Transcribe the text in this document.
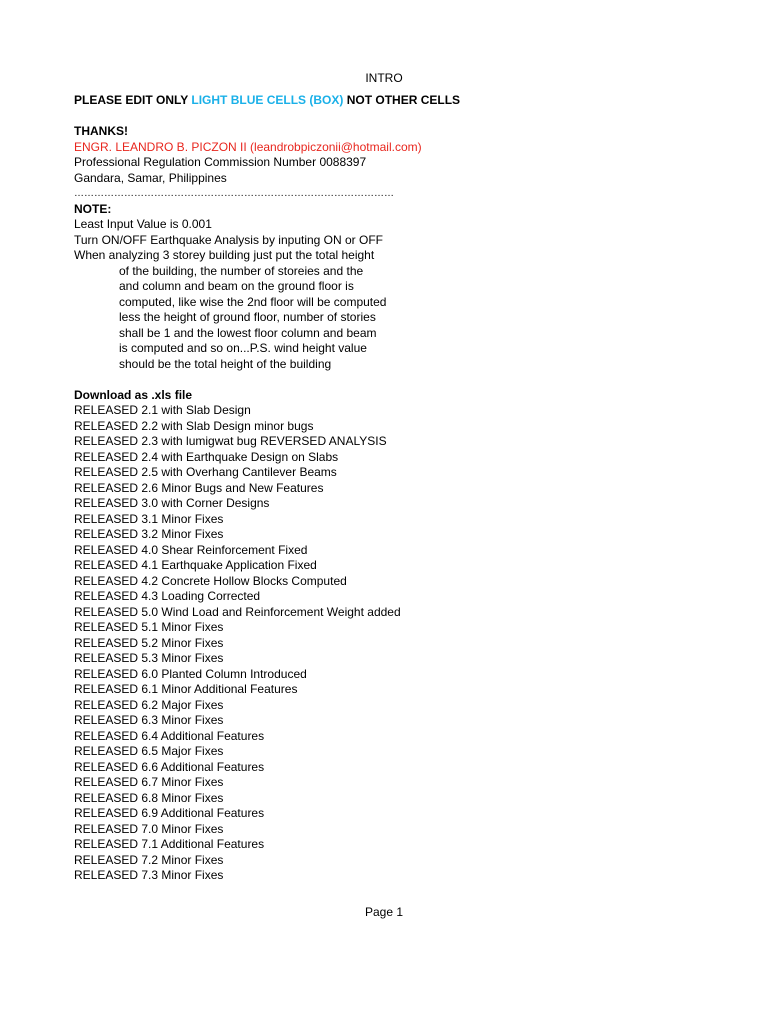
INTRO
PLEASE EDIT ONLY LIGHT BLUE CELLS (BOX) NOT OTHER CELLS
THANKS!
ENGR. LEANDRO B. PICZON II (leandrobpiczonii@hotmail.com)
Professional Regulation Commission Number 0088397
Gandara, Samar, Philippines
……………………………………………………………………………………
NOTE:
Least Input Value is 0.001
Turn ON/OFF Earthquake Analysis by inputing ON or OFF
When analyzing 3 storey building just put the total height
of the building, the number of storeies and the
and column and beam on the ground floor is
computed, like wise the 2nd floor will be computed
less the height of ground floor, number of stories
shall be 1 and the lowest floor column and beam
is computed and so on...P.S. wind height value
should be the total height of the building
Download as .xls file
RELEASED 2.1 with Slab Design
RELEASED 2.2 with Slab Design minor bugs
RELEASED 2.3 with lumigwat bug REVERSED ANALYSIS
RELEASED 2.4 with Earthquake Design on Slabs
RELEASED 2.5 with Overhang Cantilever Beams
RELEASED 2.6 Minor Bugs and New Features
RELEASED 3.0 with Corner Designs
RELEASED 3.1 Minor Fixes
RELEASED 3.2 Minor Fixes
RELEASED 4.0 Shear Reinforcement Fixed
RELEASED 4.1 Earthquake Application Fixed
RELEASED 4.2 Concrete Hollow Blocks Computed
RELEASED 4.3 Loading Corrected
RELEASED 5.0 Wind Load and Reinforcement Weight added
RELEASED 5.1 Minor Fixes
RELEASED 5.2 Minor Fixes
RELEASED 5.3 Minor Fixes
RELEASED 6.0 Planted Column Introduced
RELEASED 6.1 Minor Additional Features
RELEASED 6.2 Major Fixes
RELEASED 6.3 Minor Fixes
RELEASED 6.4 Additional Features
RELEASED 6.5 Major Fixes
RELEASED 6.6 Additional Features
RELEASED 6.7 Minor Fixes
RELEASED 6.8 Minor Fixes
RELEASED 6.9 Additional Features
RELEASED 7.0 Minor Fixes
RELEASED 7.1 Additional Features
RELEASED 7.2 Minor Fixes
RELEASED 7.3 Minor Fixes
Page 1
